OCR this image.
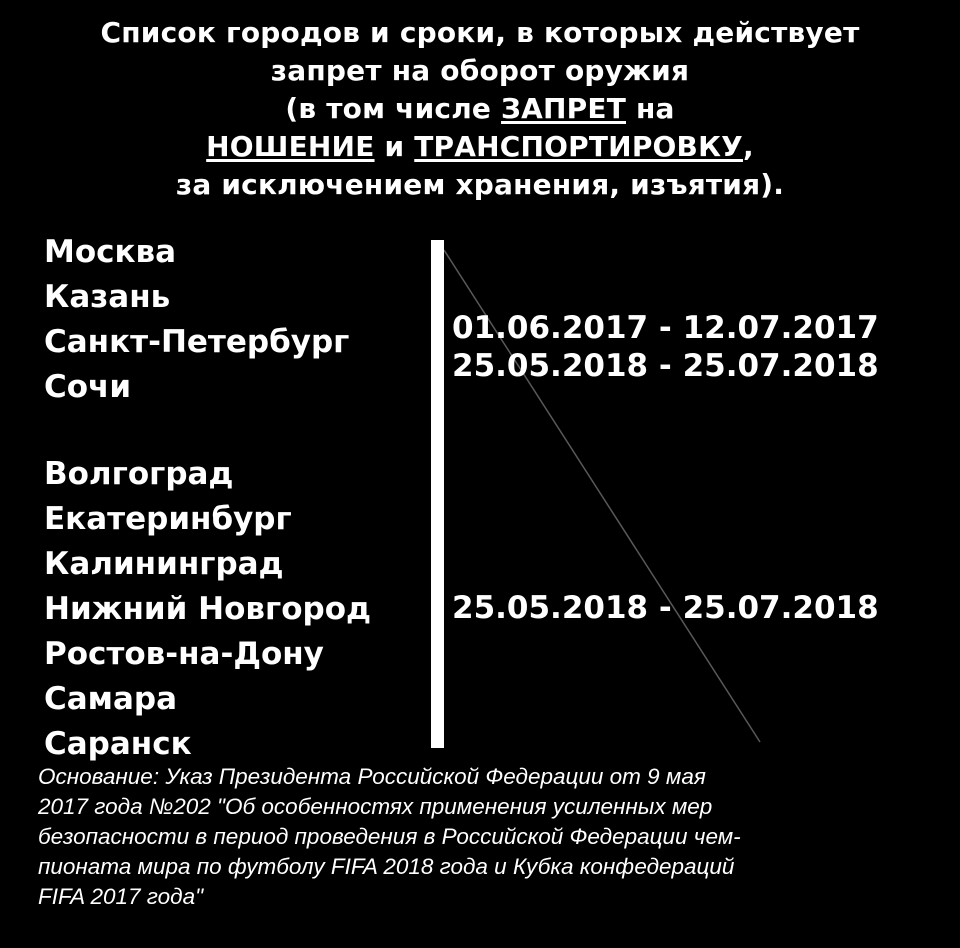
Список городов и сроки, в которых действует
запрет на оборот оружия
(в том числе ЗАПРЕТ на
НОШЕНИЕ и ТРАНСПОРТИРОВКУ,
за исключением хранения, изъятия).
Москва
Казань
Санкт-Петербург
Сочи
Волгоград
Екатеринбург
Калининград
Нижний Новгород
Ростов-на-Дону
Самара
Саранск
01.06.2017 - 12.07.2017
25.05.2018 - 25.07.2018
25.05.2018 - 25.07.2018
Основание: Указ Президента Российской Федерации от 9 мая
2017 года №202 "Об особенностях применения усиленных мер
безопасности в период проведения в Российской Федерации чем-
пионата мира по футболу FIFA 2018 года и Кубка конфедераций
FIFA 2017 года"
